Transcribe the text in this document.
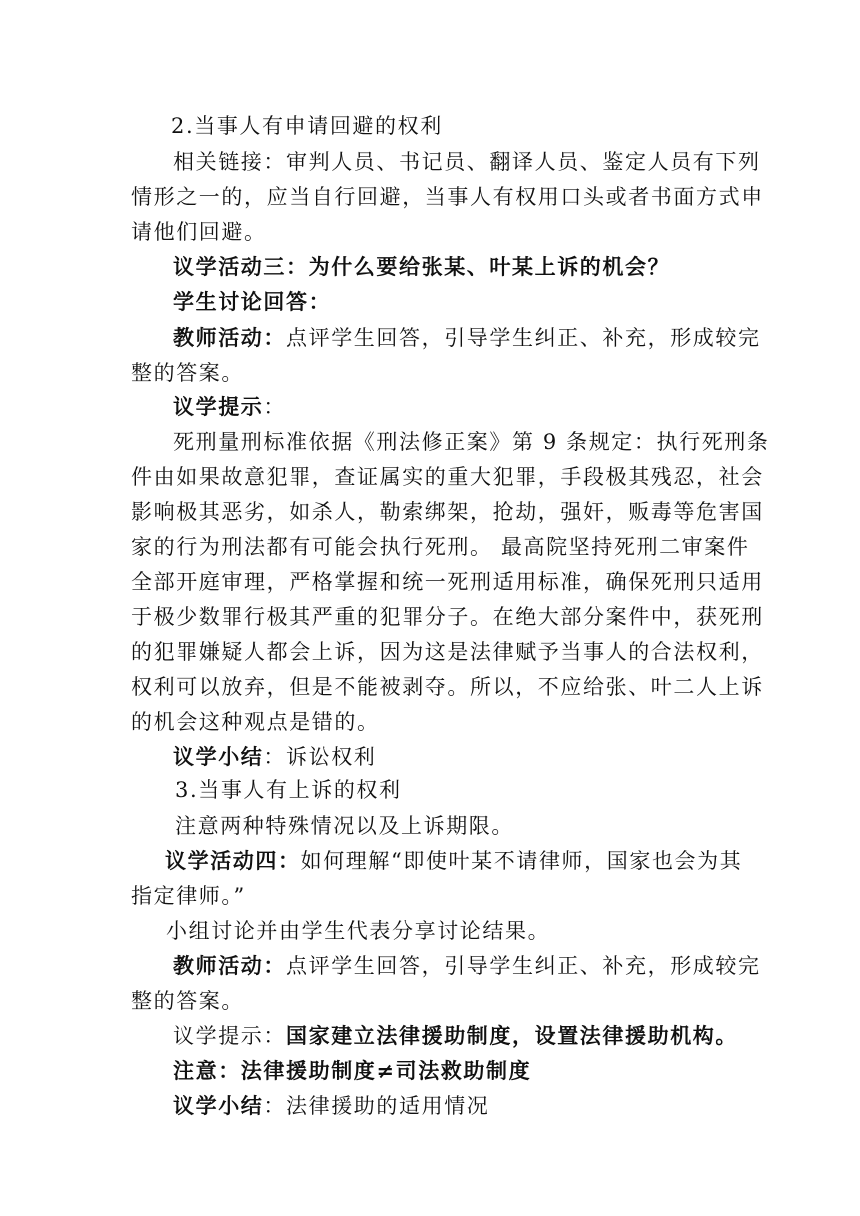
2.当事人有申请回避的权利
相关链接：审判人员、书记员、翻译人员、鉴定人员有下列
情形之一的，应当自行回避，当事人有权用口头或者书面方式申
请他们回避。
议学活动三：为什么要给张某、叶某上诉的机会？
学生讨论回答：
教师活动：点评学生回答，引导学生纠正、补充，形成较完
整的答案。
议学提示：
死刑量刑标准依据《刑法修正案》第 9 条规定：执行死刑条
件由如果故意犯罪，查证属实的重大犯罪，手段极其残忍，社会
影响极其恶劣，如杀人，勒索绑架，抢劫，强奸，贩毒等危害国
家的行为刑法都有可能会执行死刑。 最高院坚持死刑二审案件
全部开庭审理，严格掌握和统一死刑适用标准，确保死刑只适用
于极少数罪行极其严重的犯罪分子。在绝大部分案件中，获死刑
的犯罪嫌疑人都会上诉，因为这是法律赋予当事人的合法权利，
权利可以放弃，但是不能被剥夺。所以，不应给张、叶二人上诉
的机会这种观点是错的。
议学小结：诉讼权利
3.当事人有上诉的权利
注意两种特殊情况以及上诉期限。
议学活动四：如何理解“即使叶某不请律师，国家也会为其
指定律师。”
小组讨论并由学生代表分享讨论结果。
教师活动：点评学生回答，引导学生纠正、补充，形成较完
整的答案。
议学提示：国家建立法律援助制度，设置法律援助机构。
注意：法律援助制度≠司法救助制度
议学小结：法律援助的适用情况
